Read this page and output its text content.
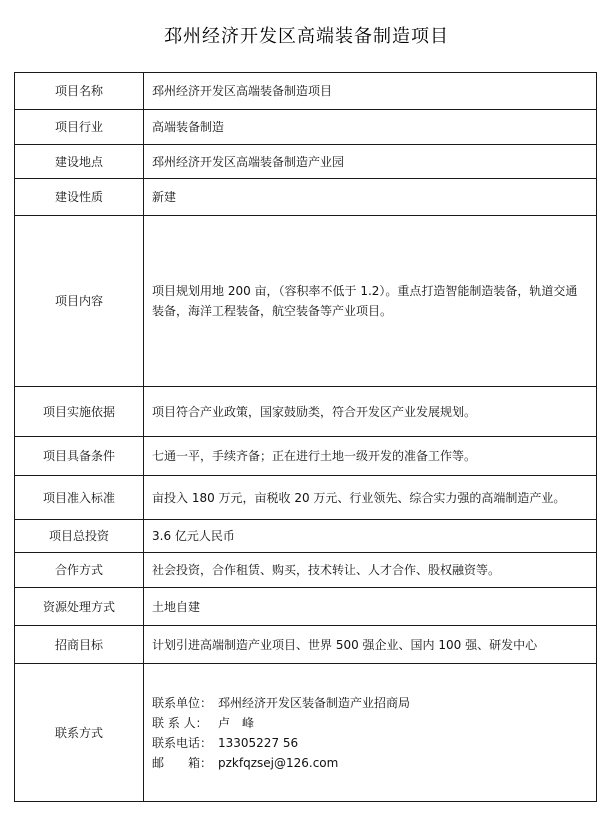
邳州经济开发区高端装备制造项目
项目名称	邳州经济开发区高端装备制造项目
项目行业	高端装备制造
建设地点	邳州经济开发区高端装备制造产业园
建设性质	新建
项目内容	项目规划用地 200 亩，（容积率不低于 1.2）。重点打造智能制造装备，轨道交通装备，海洋工程装备，航空装备等产业项目。
项目实施依据	项目符合产业政策，国家鼓励类，符合开发区产业发展规划。
项目具备条件	七通一平，手续齐备；正在进行土地一级开发的准备工作等。
项目准入标准	亩投入 180 万元，亩税收 20 万元、行业领先、综合实力强的高端制造产业。
项目总投资	3.6 亿元人民币
合作方式	社会投资，合作租赁、购买，技术转让、人才合作、股权融资等。
资源处理方式	土地自建
招商目标	计划引进高端制造产业项目、世界 500 强企业、国内 100 强、研发中心
联系方式	联系单位： 邳州经济开发区装备制造产业招商局
联 系 人： 卢　峰
联系电话： 13305227 56
邮　　箱： pzkfqzsej@126.com
